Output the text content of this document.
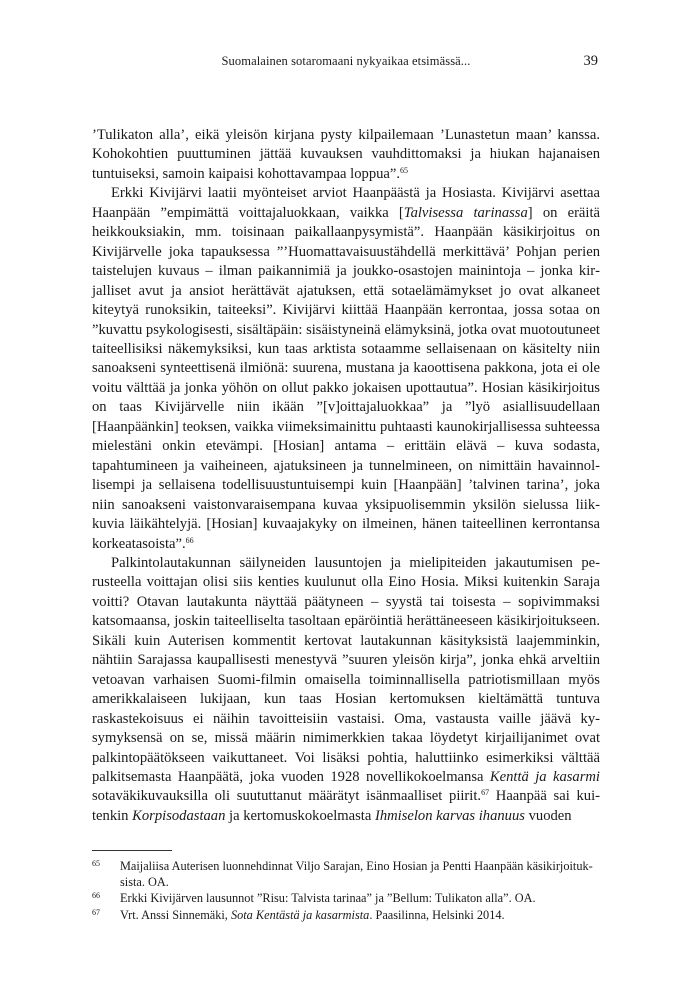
Suomalainen sotaromaani nykyaikaa etsimässä...	39

’Tulikaton alla’, eikä yleisön kirjana pysty kilpailemaan ’Lunastetun maan’ kanssa. Kohokohtien puuttuminen jättää kuvauksen vauhdittomaksi ja hiukan hajanaisen tuntuiseksi, samoin kaipaisi kohottavampaa loppua”.$^{65}$

Erkki Kivijärvi laatii myönteiset arviot Haanpäästä ja Hosiasta. Kivijärvi asettaa Haanpään ”empimättä voittajaluokkaan, vaikka [Talvisessa tarinassa] on eräitä heikkouksiakin, mm. toisinaan paikallaanpysymistä”. Haanpään käsikirjoitus on Kivijärvelle joka tapauksessa ”’Huomattavaisuustähdellä merkittävä’ Pohjan perien taistelujen kuvaus – ilman paikannimiä ja joukko-osastojen mainintoja – jonka kirjalliset avut ja ansiot herättävät ajatuksen, että sotaelämämykset jo ovat alkaneet kiteytyä runoksikin, taiteeksi”. Kivijärvi kiittää Haanpään kerrontaa, jossa sotaa on ”kuvattu psykologisesti, sisältäpäin: sisäistyneinä elämyksinä, jotka ovat muotoutuneet taiteellisiksi näkemyksiksi, kun taas arktista sotaamme sellaisenaan on käsitelty niin sanoakseni synteettisenä ilmiönä: suurena, mustana ja kaoottisena pakkona, jota ei ole voitu välttää ja jonka yöhön on ollut pakko jokaisen upottautua”. Hosian käsikirjoitus on taas Kivijärvelle niin ikään ”[v]oittajaluokkaa” ja ”lyö asiallisuudellaan [Haanpäänkin] teoksen, vaikka viimeksimainittu puhtaasti kaunokirjallisessa suhteessa mielestäni onkin etevämpi. [Hosian] antama – erittäin elävä – kuva sodasta, tapahtumineen ja vaiheineen, ajatuksineen ja tunnelmineen, on nimittäin havainnollisempi ja sellaisena todellisuustuntuisempi kuin [Haanpään] ’talvinen tarina’, joka niin sanoakseni vaistonvaraisempana kuvaa yksipuolisemmin yksilön sielussa liikkuvia läikähtelyjä. [Hosian] kuvaajakyky on ilmeinen, hänen taiteellinen kerrontansa korkeatasoista”.$^{66}$

Palkintolautakunnan säilyneiden lausuntojen ja mielipiteiden jakautumisen perusteella voittajan olisi siis kenties kuulunut olla Eino Hosia. Miksi kuitenkin Saraja voitti? Otavan lautakunta näyttää päätyneen – syystä tai toisesta – sopivimmaksi katsomaansa, joskin taiteelliselta tasoltaan epäröintiä herättäneeseen käsikirjoitukseen. Sikäli kuin Auterisen kommentit kertovat lautakunnan käsityksistä laajemminkin, nähtiin Sarajassa kaupallisesti menestyvä ”suuren yleisön kirja”, jonka ehkä arveltiin vetoavan varhaisen Suomi-filmin omaisella toiminnallisella patriotismillaan myös amerikkalaiseen lukijaan, kun taas Hosian kertomuksen kieltämättä tuntuva raskastekoisuus ei näihin tavoitteisiin vastaisi. Oma, vastausta vaille jäävä kysymyksensä on se, missä määrin nimimerkkien takaa löydetyt kirjailijanimet ovat palkintopäätökseen vaikuttaneet. Voi lisäksi pohtia, haluttiinko esimerkiksi välttää palkitsemasta Haanpäätä, joka vuoden 1928 novellikokoelmansa Kenttä ja kasarmi sotaväkikuvauksilla oli suututtanut määrätyt isänmaalliset piirit.$^{67}$ Haanpää sai kuitenkin Korpisodastaan ja kertomuskokoelmasta Ihmiselon karvas ihanuus vuoden

65 Maijaliisa Auterisen luonnehdinnat Viljo Sarajan, Eino Hosian ja Pentti Haanpään käsikirjoituksista. OA.
66 Erkki Kivijärven lausunnot ”Risu: Talvista tarinaa” ja ”Bellum: Tulikaton alla”. OA.
67 Vrt. Anssi Sinnemäki, Sota Kentästä ja kasarmista. Paasilinna, Helsinki 2014.
